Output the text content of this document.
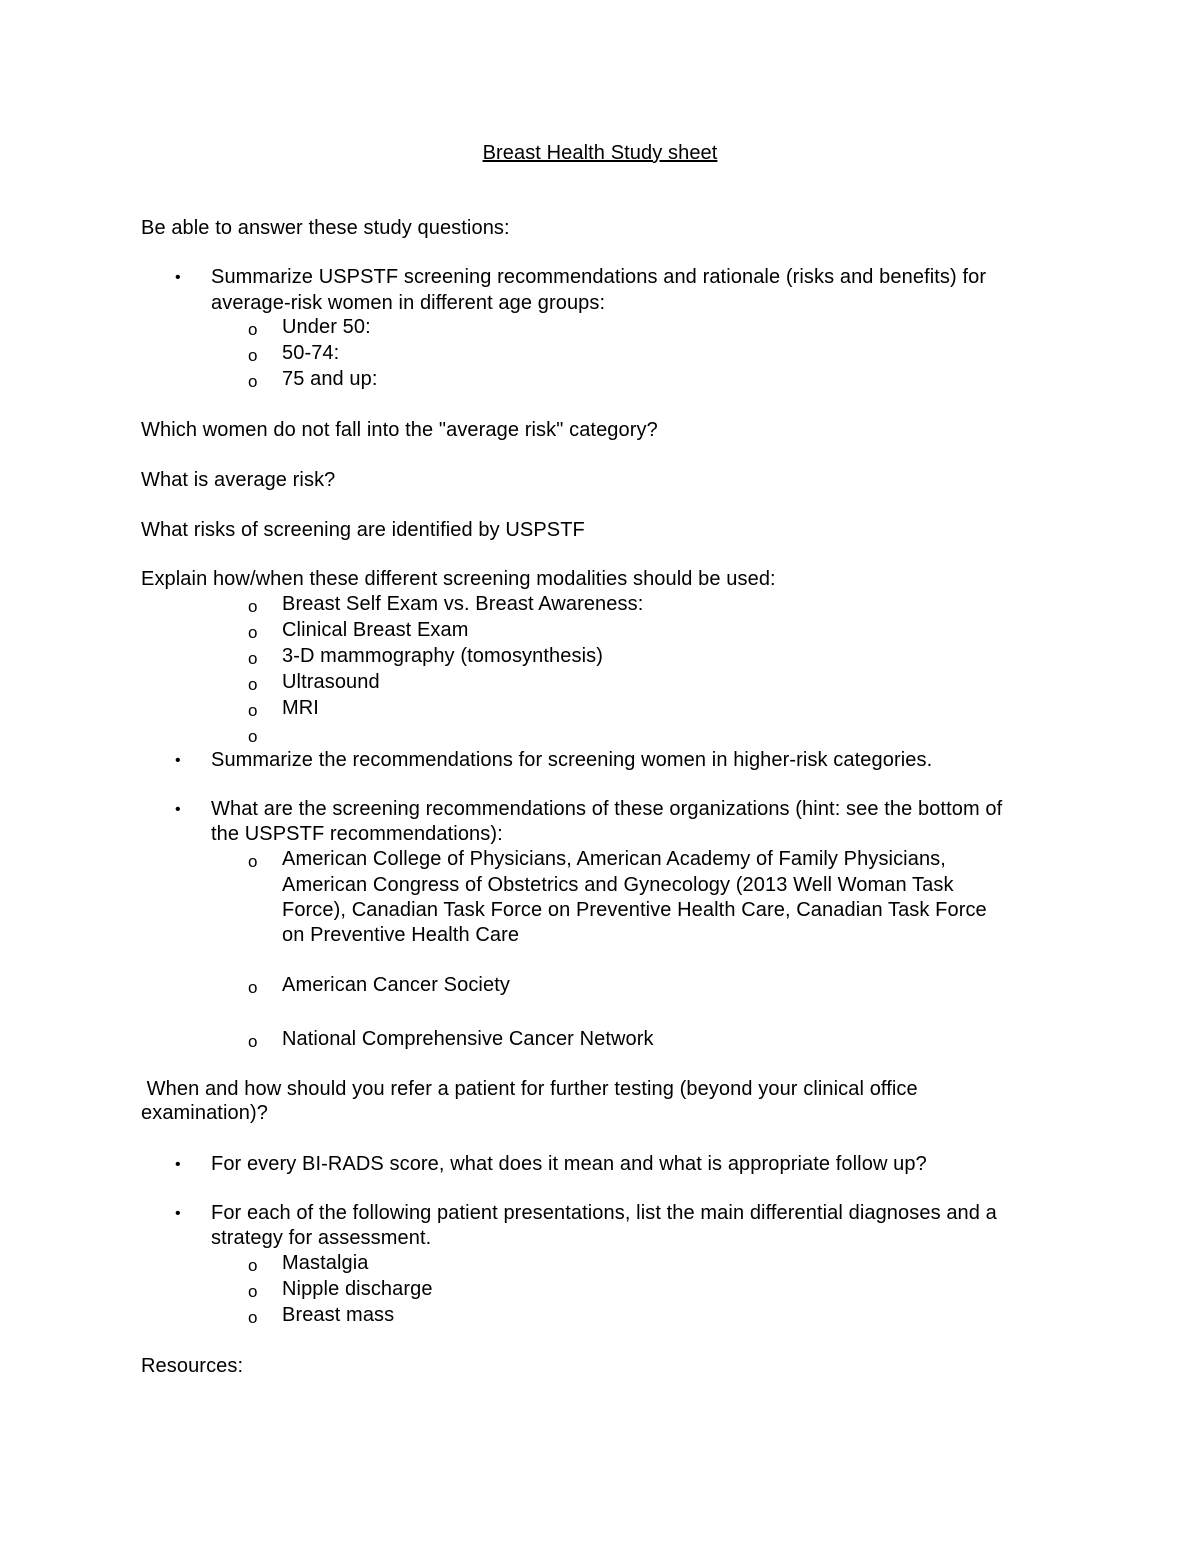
Breast Health Study sheet
Be able to answer these study questions:
• Summarize USPSTF screening recommendations and rationale (risks and benefits) for
average-risk women in different age groups:
o Under 50:
o 50-74:
o 75 and up:
Which women do not fall into the "average risk" category?
What is average risk?
What risks of screening are identified by USPSTF
Explain how/when these different screening modalities should be used:
o Breast Self Exam vs. Breast Awareness:
o Clinical Breast Exam
o 3-D mammography (tomosynthesis)
o Ultrasound
o MRI
o
• Summarize the recommendations for screening women in higher-risk categories.
• What are the screening recommendations of these organizations (hint: see the bottom of
the USPSTF recommendations):
o American College of Physicians, American Academy of Family Physicians,
American Congress of Obstetrics and Gynecology (2013 Well Woman Task
Force), Canadian Task Force on Preventive Health Care, Canadian Task Force
on Preventive Health Care
o American Cancer Society
o National Comprehensive Cancer Network
When and how should you refer a patient for further testing (beyond your clinical office
examination)?
• For every BI-RADS score, what does it mean and what is appropriate follow up?
• For each of the following patient presentations, list the main differential diagnoses and a
strategy for assessment.
o Mastalgia
o Nipple discharge
o Breast mass
Resources:
